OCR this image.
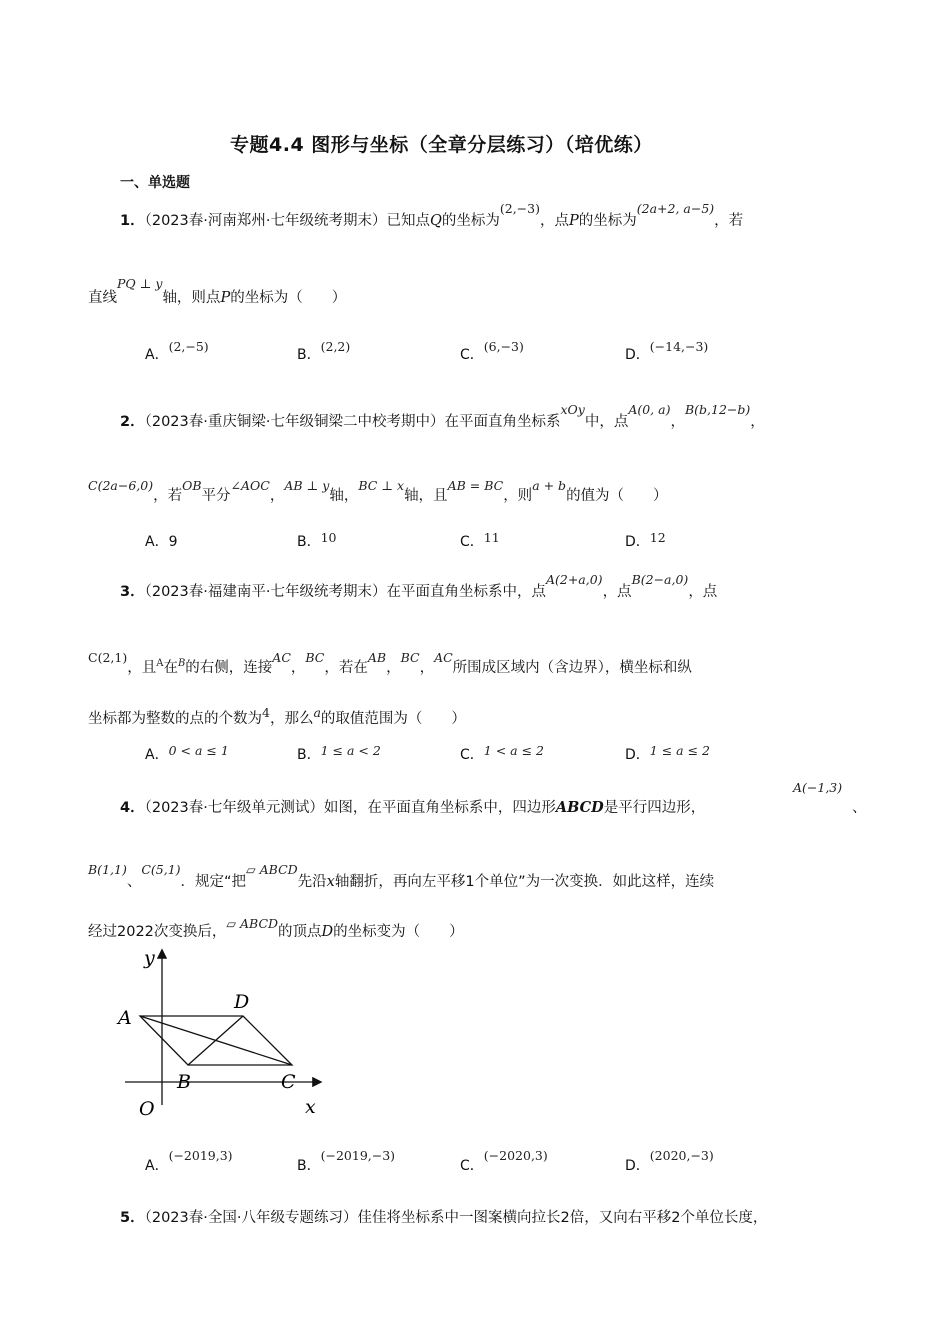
专题4.4 图形与坐标（全章分层练习）（培优练）
一、单选题
1．（2023春·河南郑州·七年级统考期末）已知点Q的坐标为(2,−3)，点P的坐标为(2a+2, a−5)，若
直线PQ ⊥ y轴，则点P的坐标为（　　）
A．(2,−5)
B．(2,2)
C．(6,−3)
D．(−14,−3)
2．（2023春·重庆铜梁·七年级铜梁二中校考期中）在平面直角坐标系xOy中，点A(0, a)，B(b,12−b)，
C(2a−6,0)，若OB平分∠AOC，AB ⊥ y轴，BC ⊥ x轴，且AB = BC，则a + b的值为（　　）
A．9	B．10	C．11	D．12
3．（2023春·福建南平·七年级统考期末）在平面直角坐标系中，点A(2+a,0)，点B(2−a,0)，点
C(2,1)，且$^A$在$^B$的右侧，连接AC，BC，若在AB，BC，AC所围成区域内（含边界），横坐标和纵
坐标都为整数的点的个数为4，那么a的取值范围为（　　）
A．0 < a ≤ 1	B．1 ≤ a < 2	C．1 < a ≤ 2	D．1 ≤ a ≤ 2
4．（2023春·七年级单元测试）如图，在平面直角坐标系中，四边形ABCD是平行四边形，
A(−1,3)
、
B(1,1)、C(5,1)．规定“把▱ ABCD先沿x轴翻折，再向左平移1个单位”为一次变换．如此这样，连续
经过2022次变换后，▱ ABCD的顶点D的坐标变为（　　）
y
x
O
A
B	C
D
A．(−2019,3)
B．(−2019,−3)
C．(−2020,3)
D．(2020,−3)
5．（2023春·全国·八年级专题练习）佳佳将坐标系中一图案横向拉长2倍，又向右平移2个单位长度，
